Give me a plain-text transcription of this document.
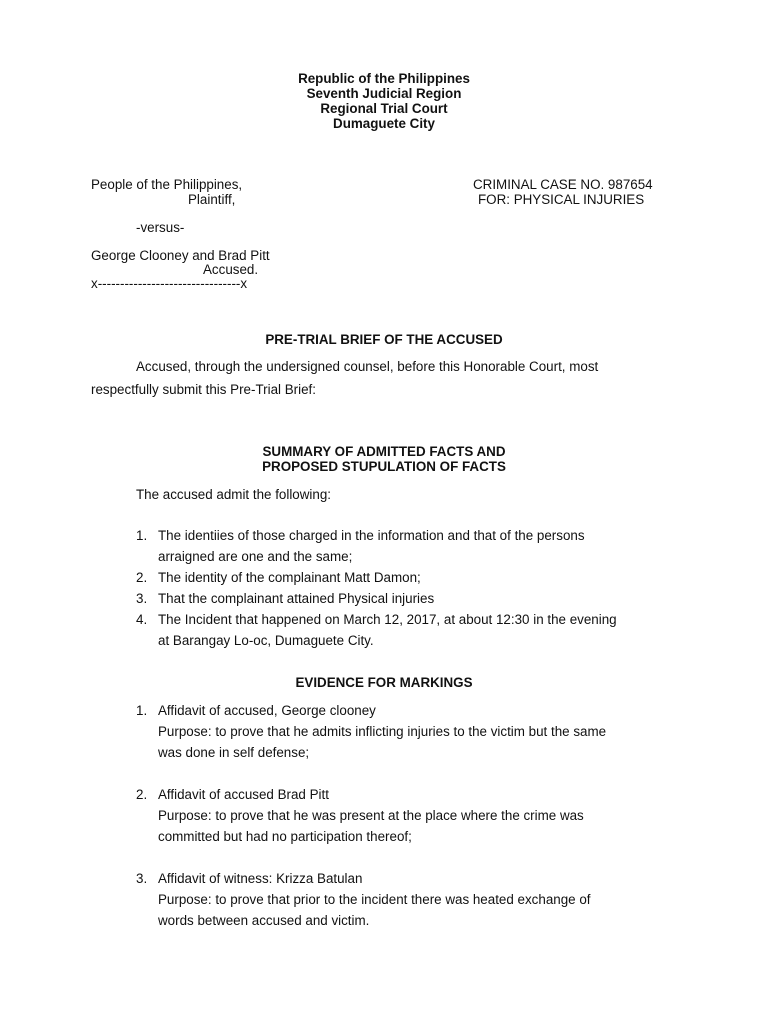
Republic of the Philippines
Seventh Judicial Region
Regional Trial Court
Dumaguete City
People of the Philippines,
Plaintiff,
CRIMINAL CASE NO. 987654
FOR: PHYSICAL INJURIES
-versus-
George Clooney and Brad Pitt
Accused.
x--------------------------------x
PRE-TRIAL BRIEF OF THE ACCUSED
Accused, through the undersigned counsel, before this Honorable Court, most
respectfully submit this Pre-Trial Brief:
SUMMARY OF ADMITTED FACTS AND
PROPOSED STUPULATION OF FACTS
The accused admit the following:
1. The identiies of those charged in the information and that of the persons
arraigned are one and the same;
2. The identity of the complainant Matt Damon;
3. That the complainant attained Physical injuries
4. The Incident that happened on March 12, 2017, at about 12:30 in the evening
at Barangay Lo-oc, Dumaguete City.
EVIDENCE FOR MARKINGS
1. Affidavit of accused, George clooney
Purpose: to prove that he admits inflicting injuries to the victim but the same
was done in self defense;
2. Affidavit of accused Brad Pitt
Purpose: to prove that he was present at the place where the crime was
committed but had no participation thereof;
3. Affidavit of witness: Krizza Batulan
Purpose: to prove that prior to the incident there was heated exchange of
words between accused and victim.
